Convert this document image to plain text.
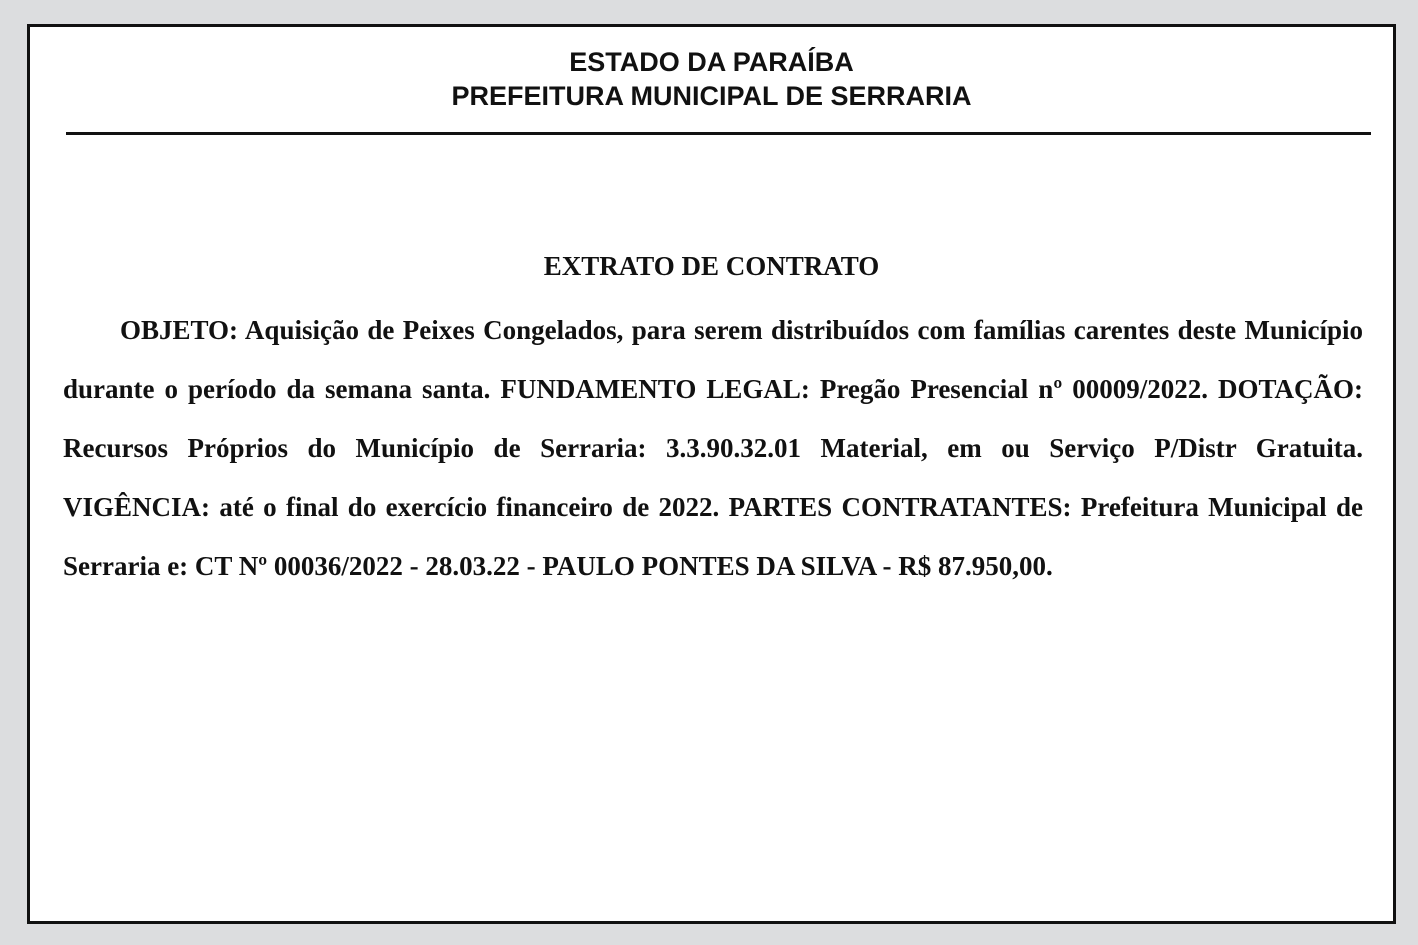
ESTADO DA PARAÍBA
PREFEITURA MUNICIPAL DE SERRARIA
EXTRATO DE CONTRATO

OBJETO: Aquisição de Peixes Congelados, para serem distribuídos com famílias carentes deste Município durante o período da semana santa. FUNDAMENTO LEGAL: Pregão Presencial nº 00009/2022. DOTAÇÃO: Recursos Próprios do Município de Serraria: 3.3.90.32.01 Material, em ou Serviço P/Distr Gratuita. VIGÊNCIA: até o final do exercício financeiro de 2022. PARTES CONTRATANTES: Prefeitura Municipal de Serraria e: CT Nº 00036/2022 - 28.03.22 - PAULO PONTES DA SILVA - R$ 87.950,00.
